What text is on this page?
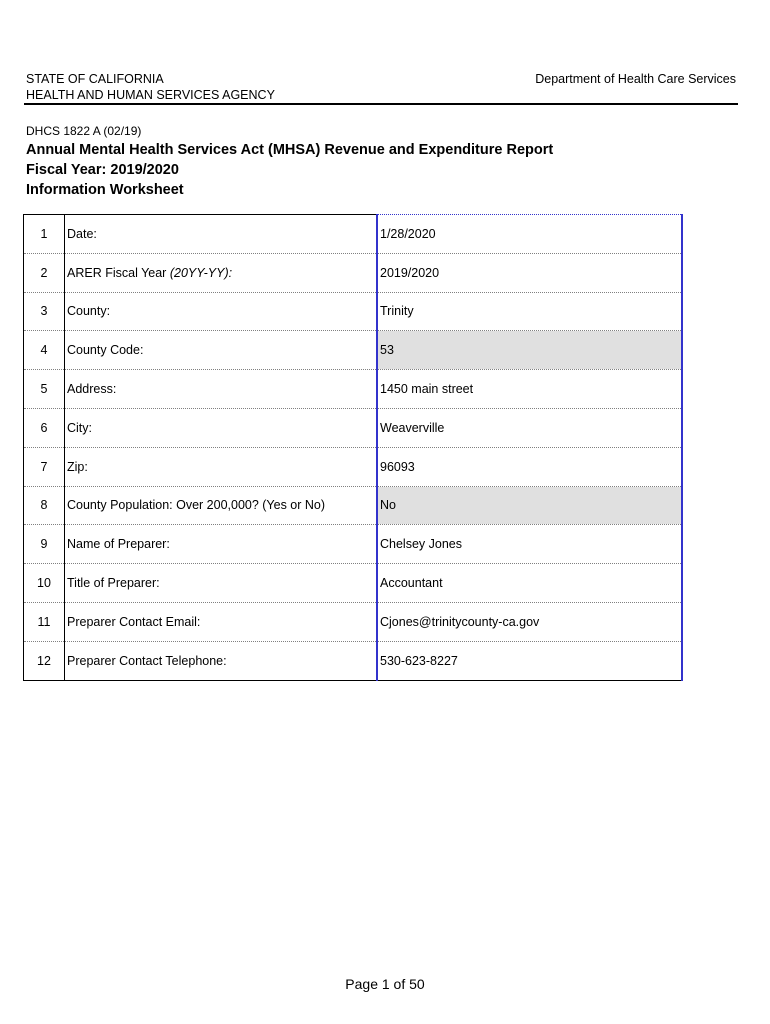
STATE OF CALIFORNIA
HEALTH AND HUMAN SERVICES AGENCY
Department of Health Care Services
DHCS 1822 A (02/19)
Annual Mental Health Services Act (MHSA) Revenue and Expenditure Report
Fiscal Year: 2019/2020
Information Worksheet
1	Date:	1/28/2020
2	ARER Fiscal Year (20YY-YY):	2019/2020
3	County:	Trinity
4	County Code:	53
5	Address:	1450 main street
6	City:	Weaverville
7	Zip:	96093
8	County Population: Over 200,000? (Yes or No)	No
9	Name of Preparer:	Chelsey Jones
10	Title of Preparer:	Accountant
11	Preparer Contact Email:	Cjones@trinitycounty-ca.gov
12	Preparer Contact Telephone:	530-623-8227
Page 1 of 50
